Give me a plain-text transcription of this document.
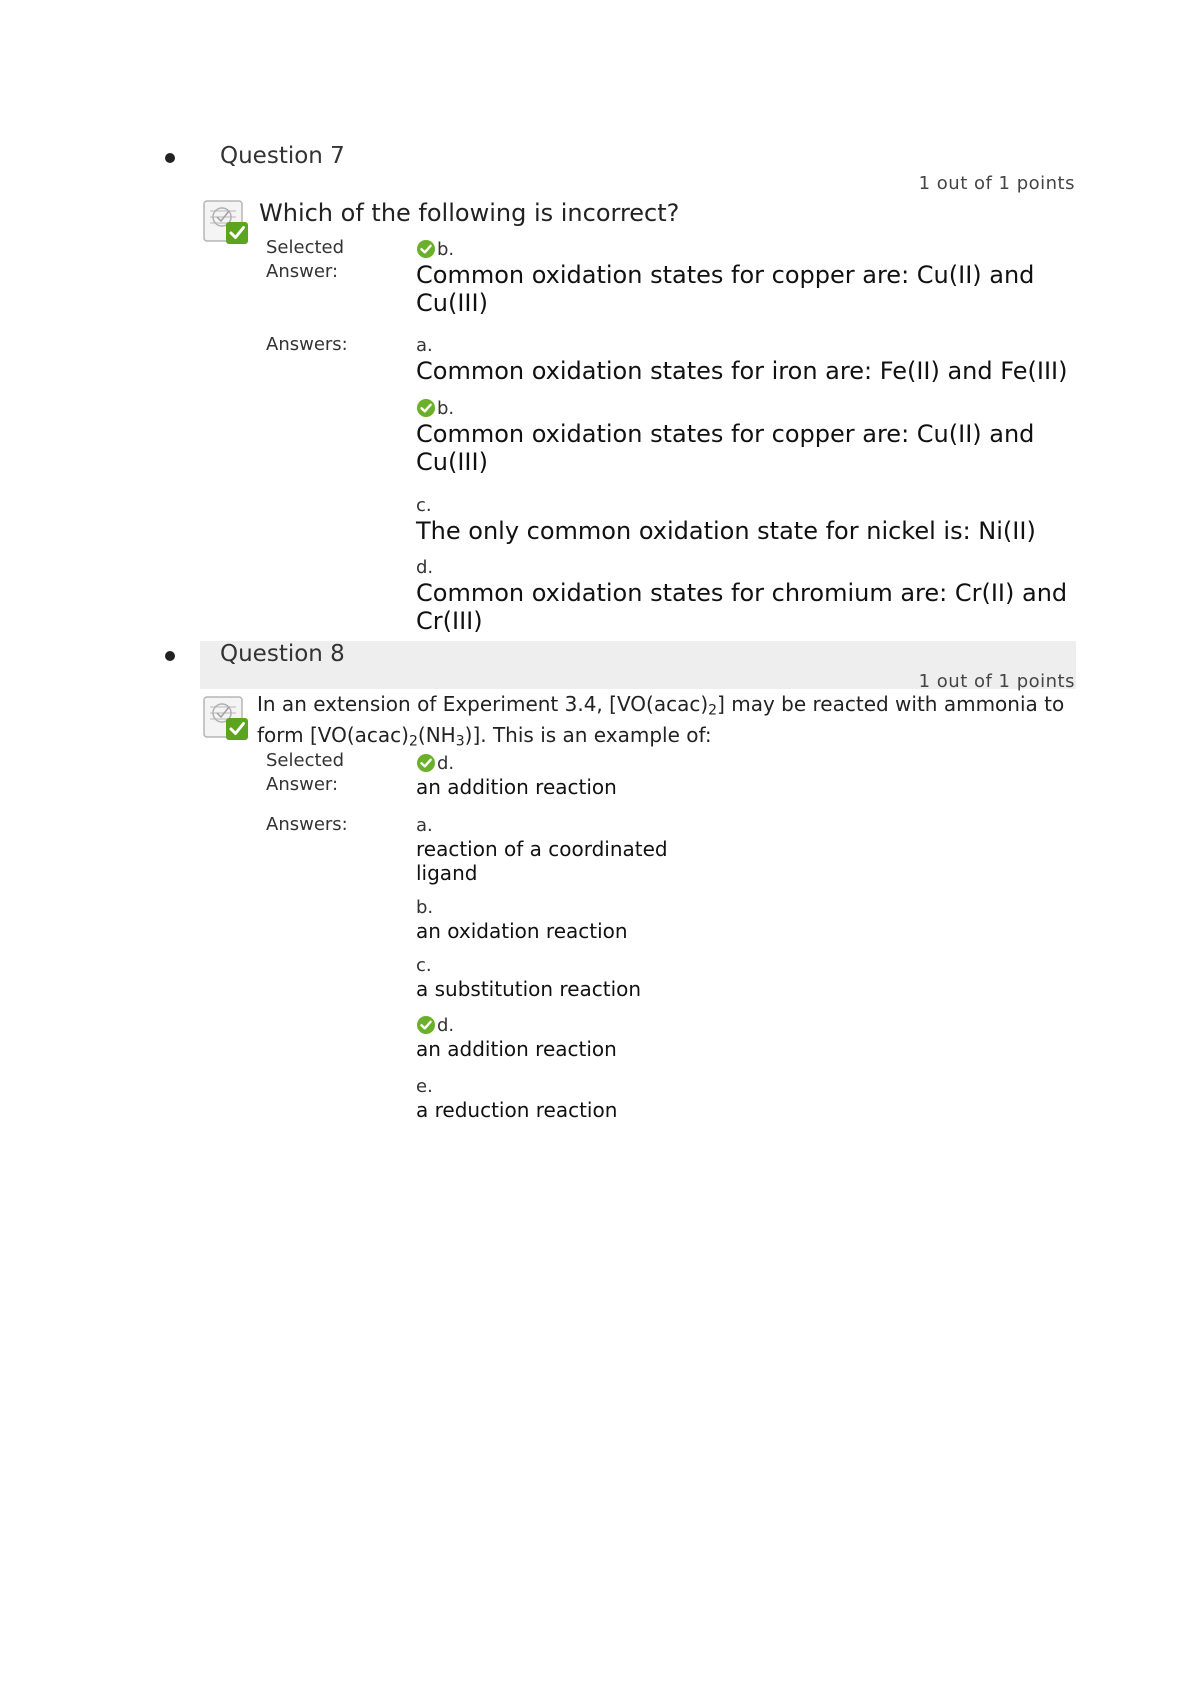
Question 7
1 out of 1 points
Which of the following is incorrect?
Selected
Answer:
b.
Common oxidation states for copper are: Cu(II) and
Cu(III)
Answers:	a.
Common oxidation states for iron are: Fe(II) and Fe(III)
b.
Common oxidation states for copper are: Cu(II) and
Cu(III)
c.
The only common oxidation state for nickel is: Ni(II)
d.
Common oxidation states for chromium are: Cr(II) and
Cr(III)
Question 8
1 out of 1 points
In an extension of Experiment 3.4, $[VO(acac)_2]$ may be reacted with ammonia to
form $[VO(acac)_2(NH_3)]$. This is an example of:
Selected
Answer:
d.
an addition reaction
Answers:	a.
reaction of a coordinated
ligand
b.
an oxidation reaction
c.
a substitution reaction
d.
an addition reaction
e.
a reduction reaction
